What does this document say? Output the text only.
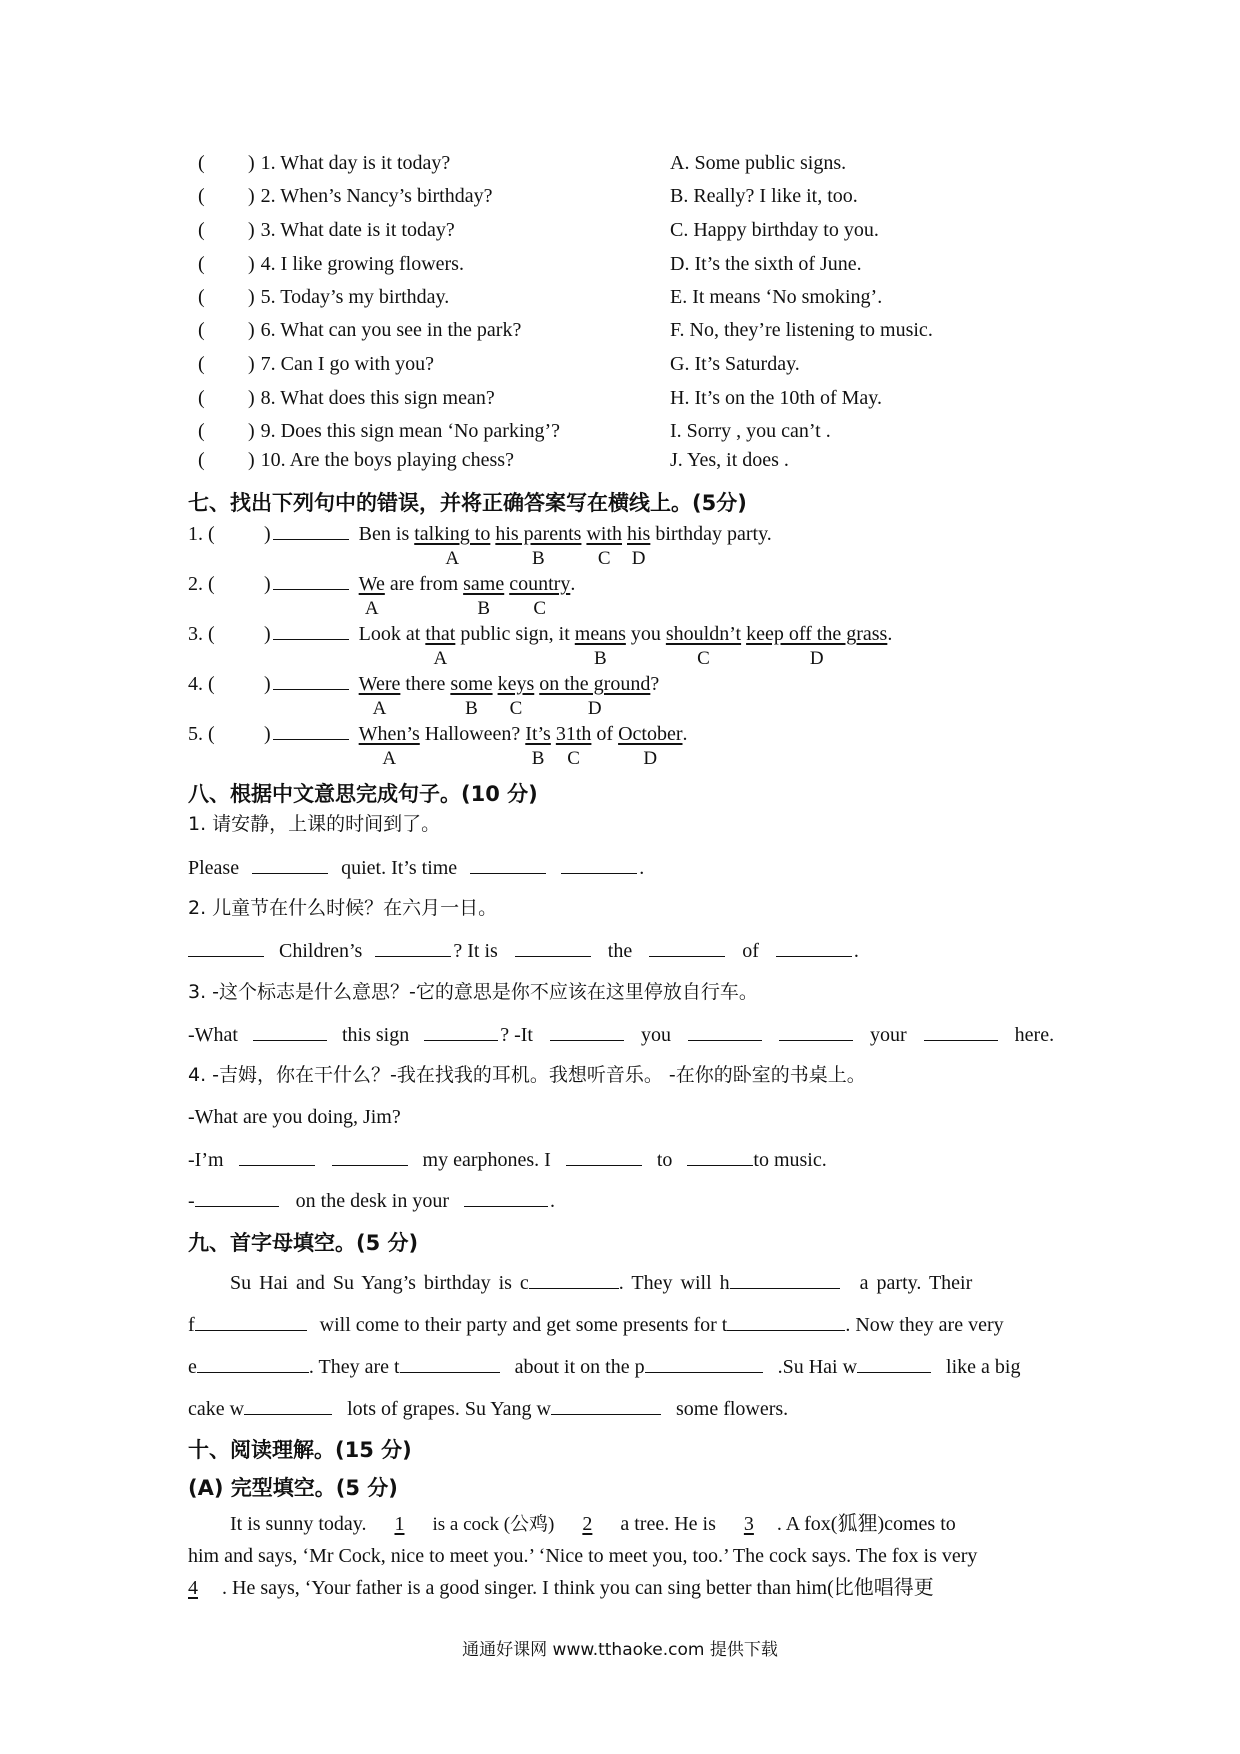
( ) 1. What day is it today?	A. Some public signs.
( ) 2. When’s Nancy’s birthday?	B. Really? I like it, too.
( ) 3. What date is it today?	C. Happy birthday to you.
( ) 4. I like growing flowers.	D. It’s the sixth of June.
( ) 5. Today’s my birthday.	E. It means ‘No smoking’.
( ) 6. What can you see in the park?	F. No, they’re listening to music.
( ) 7. Can I go with you?	G. It’s Saturday.
( ) 8. What does this sign mean?	H. It’s on the 10th of May.
( ) 9. Does this sign mean ‘No parking’?	I. Sorry , you can’t .
( ) 10. Are the boys playing chess?	J. Yes, it does .
七、找出下列句中的错误，并将正确答案写在横线上。(5分)
1. ( )	Ben is talking to
A
his parents
B
with
C
his
D
birthday party.
2. ( )	We
A
are from same
B
country
C
.
3. ( )	Look at that
A
public sign, it means
B
you shouldn’t
C
keep off the grass
D
.
4. ( )	Were
A
there some
B
keys
C
on the ground
D
?
5. ( )	When’s
A
Halloween? It’s
B
31th
C
of October
D
.
八、根据中文意思完成句子。(10 分)
1. 请安静，上课的时间到了。
Please	quiet. It’s time	.
2. 儿童节在什么时候？在六月一日。
Children’s	? It is	the	of	.
3. -这个标志是什么意思？-它的意思是你不应该在这里停放自行车。
-What	this sign	? -It	you	your	here.
4. -吉姆，你在干什么？-我在找我的耳机。我想听音乐。 -在你的卧室的书桌上。
-What are you doing, Jim?
-I’m	my earphones. I	to	to music.
-	on the desk in your	.
九、首字母填空。(5 分)
Su Hai and Su Yang’s birthday is c	. They will h	a party. Their
f	will come to their party and get some presents for t	. Now they are very
e	. They are t	about it on the p	.Su Hai w	like a big
cake w	lots of grapes. Su Yang w	some flowers.
十、阅读理解。(15 分)
(A) 完型填空。(5 分)
It is sunny today. 1 is a cock (公鸡) 2 a tree. He is 3 . A fox(狐狸)comes to
him and says, ‘Mr Cock, nice to meet you.’ ‘Nice to meet you, too.’ The cock says. The fox is very
4 . He says, ‘Your father is a good singer. I think you can sing better than him(比他唱得更
通通好课网 www.tthaoke.com 提供下载
